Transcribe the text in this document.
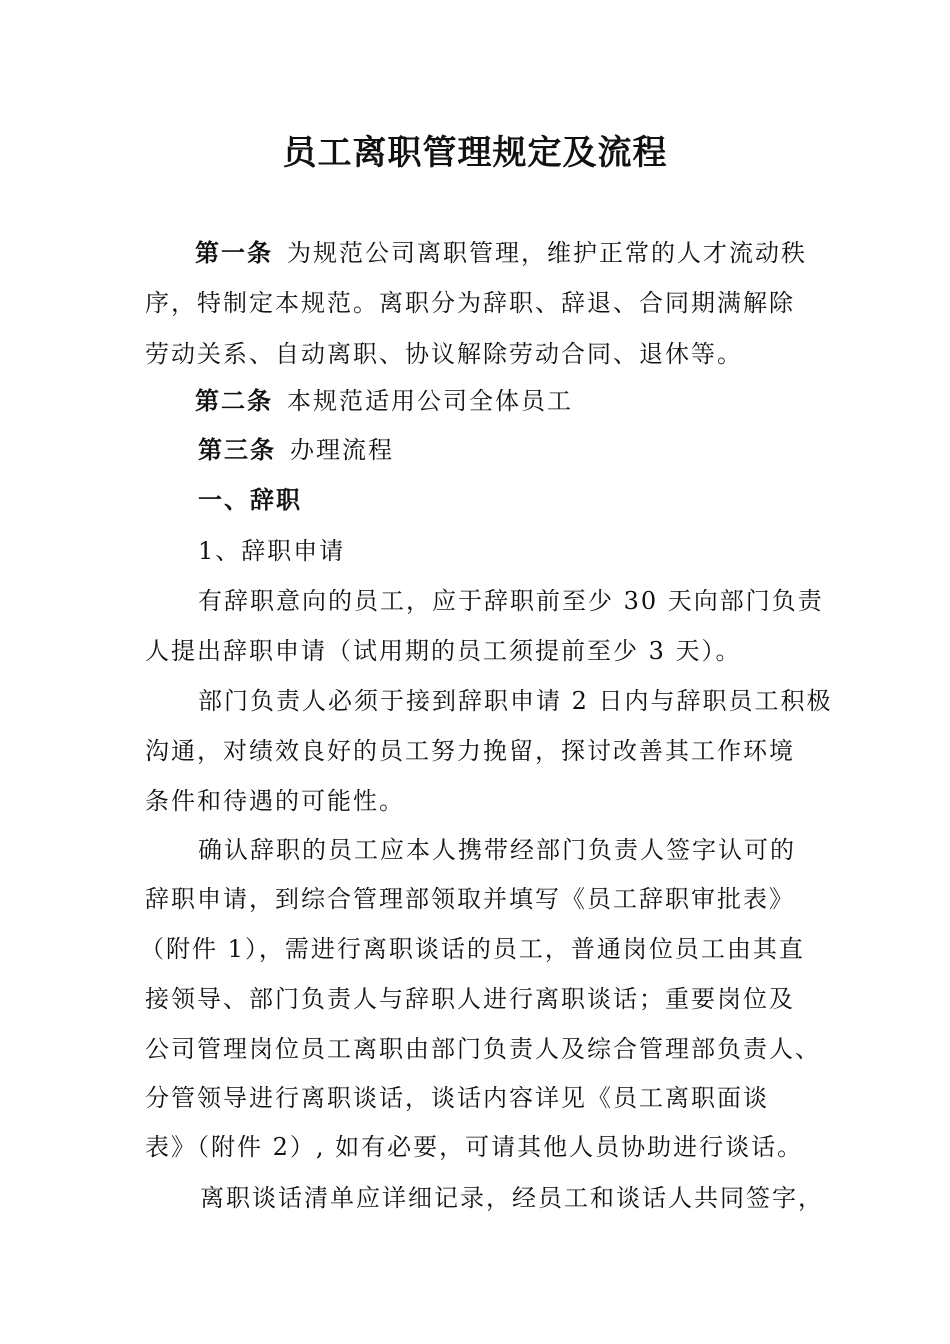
员工离职管理规定及流程
第一条 为规范公司离职管理，维护正常的人才流动秩
序，特制定本规范。离职分为辞职、辞退、合同期满解除
劳动关系、自动离职、协议解除劳动合同、退休等。
第二条 本规范适用公司全体员工
第三条 办理流程
一、辞职
1、辞职申请
有辞职意向的员工，应于辞职前至少 30 天向部门负责
人提出辞职申请（试用期的员工须提前至少 3 天）。
部门负责人必须于接到辞职申请 2 日内与辞职员工积极
沟通，对绩效良好的员工努力挽留，探讨改善其工作环境
条件和待遇的可能性。
确认辞职的员工应本人携带经部门负责人签字认可的
辞职申请，到综合管理部领取并填写《员工辞职审批表》
（附件 1），需进行离职谈话的员工，普通岗位员工由其直
接领导、部门负责人与辞职人进行离职谈话；重要岗位及
公司管理岗位员工离职由部门负责人及综合管理部负责人、
分管领导进行离职谈话，谈话内容详见《员工离职面谈
表》（附件 2）, 如有必要，可请其他人员协助进行谈话。
离职谈话清单应详细记录，经员工和谈话人共同签字，
